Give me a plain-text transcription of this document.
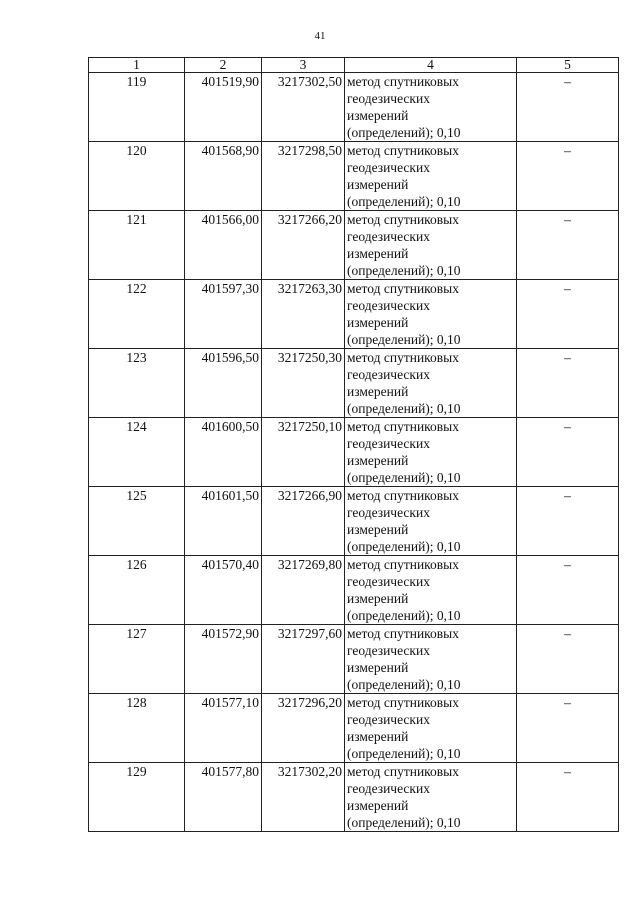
41
1	2	3	4	5
119	401519,90	3217302,50	метод спутниковых
геодезических
измерений
(определений); 0,10	–
120	401568,90	3217298,50	метод спутниковых
геодезических
измерений
(определений); 0,10	–
121	401566,00	3217266,20	метод спутниковых
геодезических
измерений
(определений); 0,10	–
122	401597,30	3217263,30	метод спутниковых
геодезических
измерений
(определений); 0,10	–
123	401596,50	3217250,30	метод спутниковых
геодезических
измерений
(определений); 0,10	–
124	401600,50	3217250,10	метод спутниковых
геодезических
измерений
(определений); 0,10	–
125	401601,50	3217266,90	метод спутниковых
геодезических
измерений
(определений); 0,10	–
126	401570,40	3217269,80	метод спутниковых
геодезических
измерений
(определений); 0,10	–
127	401572,90	3217297,60	метод спутниковых
геодезических
измерений
(определений); 0,10	–
128	401577,10	3217296,20	метод спутниковых
геодезических
измерений
(определений); 0,10	–
129	401577,80	3217302,20	метод спутниковых
геодезических
измерений
(определений); 0,10	–
